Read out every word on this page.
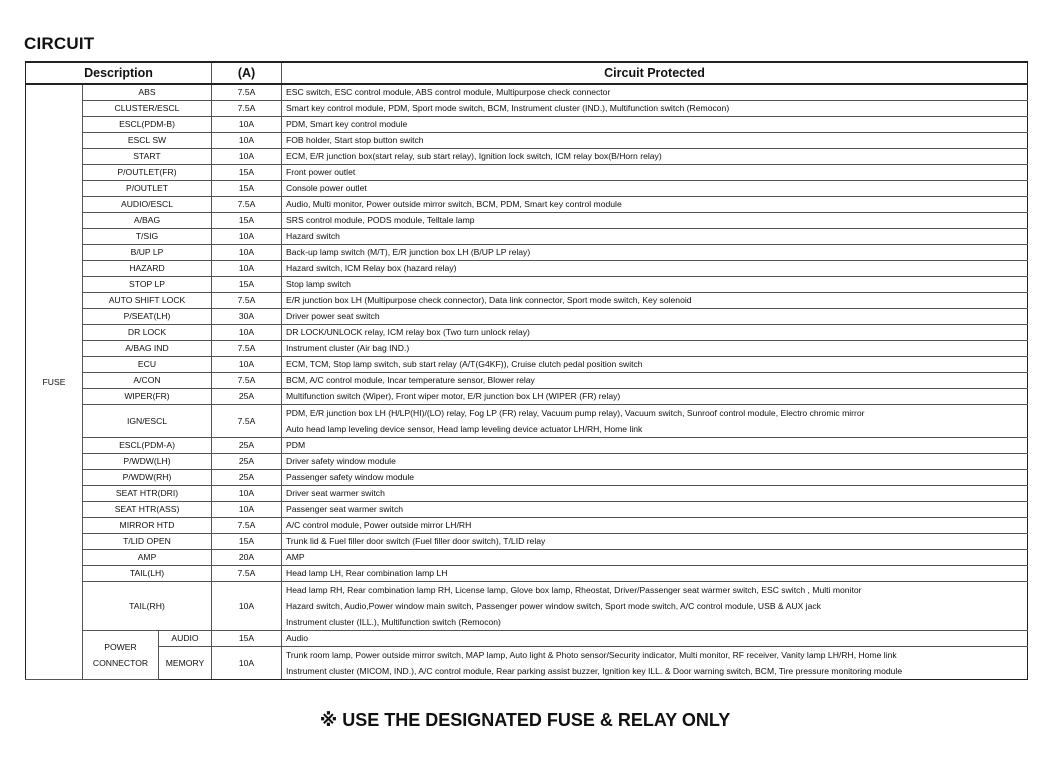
CIRCUIT
Description			(A)	Circuit Protected
FUSE	ABS		7.5A	ESC switch, ESC control module, ABS control module, Multipurpose check connector
	CLUSTER/ESCL		7.5A	Smart key control module, PDM, Sport mode switch, BCM, Instrument cluster (IND.), Multifunction switch (Remocon)
	ESCL(PDM-B)		10A	PDM, Smart key control module
	ESCL SW		10A	FOB holder, Start stop button switch
	START		10A	ECM, E/R junction box(start relay, sub start relay), Ignition lock switch, ICM relay box(B/Horn relay)
	P/OUTLET(FR)		15A	Front power outlet
	P/OUTLET		15A	Console power outlet
	AUDIO/ESCL		7.5A	Audio, Multi monitor, Power outside mirror switch, BCM, PDM, Smart key control module
	A/BAG		15A	SRS control module, PODS module, Telltale lamp
	T/SIG		10A	Hazard switch
	B/UP LP		10A	Back-up lamp switch (M/T), E/R junction box LH (B/UP LP relay)
	HAZARD		10A	Hazard switch, ICM Relay box (hazard relay)
	STOP LP		15A	Stop lamp switch
	AUTO SHIFT LOCK		7.5A	E/R junction box LH (Multipurpose check connector), Data link connector, Sport mode switch, Key solenoid
	P/SEAT(LH)		30A	Driver power seat switch
	DR LOCK		10A	DR LOCK/UNLOCK relay, ICM relay box (Two turn unlock relay)
	A/BAG IND		7.5A	Instrument cluster (Air bag IND.)
	ECU		10A	ECM, TCM, Stop lamp switch, sub start relay (A/T(G4KF)), Cruise clutch pedal position switch
	A/CON		7.5A	BCM, A/C control module, Incar temperature sensor, Blower relay
	WIPER(FR)		25A	Multifunction switch (Wiper), Front wiper motor, E/R junction box LH (WIPER (FR) relay)
	IGN/ESCL		7.5A	PDM, E/R junction box LH (H/LP(HI)/(LO) relay, Fog LP (FR) relay, Vacuum pump relay), Vacuum switch, Sunroof control module, Electro chromic mirror
Auto head lamp leveling device sensor, Head lamp leveling device actuator LH/RH, Home link

	ESCL(PDM-A)		25A	PDM
	P/WDW(LH)		25A	Driver safety window module
	P/WDW(RH)		25A	Passenger safety window module
	SEAT HTR(DRI)		10A	Driver seat warmer switch
	SEAT HTR(ASS)		10A	Passenger seat warmer switch
	MIRROR HTD		7.5A	A/C control module, Power outside mirror LH/RH
	T/LID OPEN		15A	Trunk lid & Fuel filler door switch (Fuel filler door switch), T/LID relay
	AMP		20A	AMP
	TAIL(LH)		7.5A	Head lamp LH, Rear combination lamp LH
	TAIL(RH)		10A	Head lamp RH, Rear combination lamp RH, License lamp, Glove box lamp, Rheostat, Driver/Passenger seat warmer switch, ESC switch , Multi monitor
Hazard switch, Audio,Power window main switch, Passenger power window switch, Sport mode switch, A/C control module, USB & AUX jack
Instrument cluster (ILL.), Multifunction switch (Remocon)

	POWER
CONNECTOR	AUDIO	15A	Audio
		MEMORY	10A	Trunk room lamp, Power outside mirror switch, MAP lamp, Auto light & Photo sensor/Security indicator, Multi monitor, RF receiver, Vanity lamp LH/RH, Home link
Instrument cluster (MICOM, IND.), A/C control module, Rear parking assist buzzer, Ignition key ILL. & Door warning switch, BCM, Tire pressure monitoring module
※ USE THE DESIGNATED FUSE & RELAY ONLY
